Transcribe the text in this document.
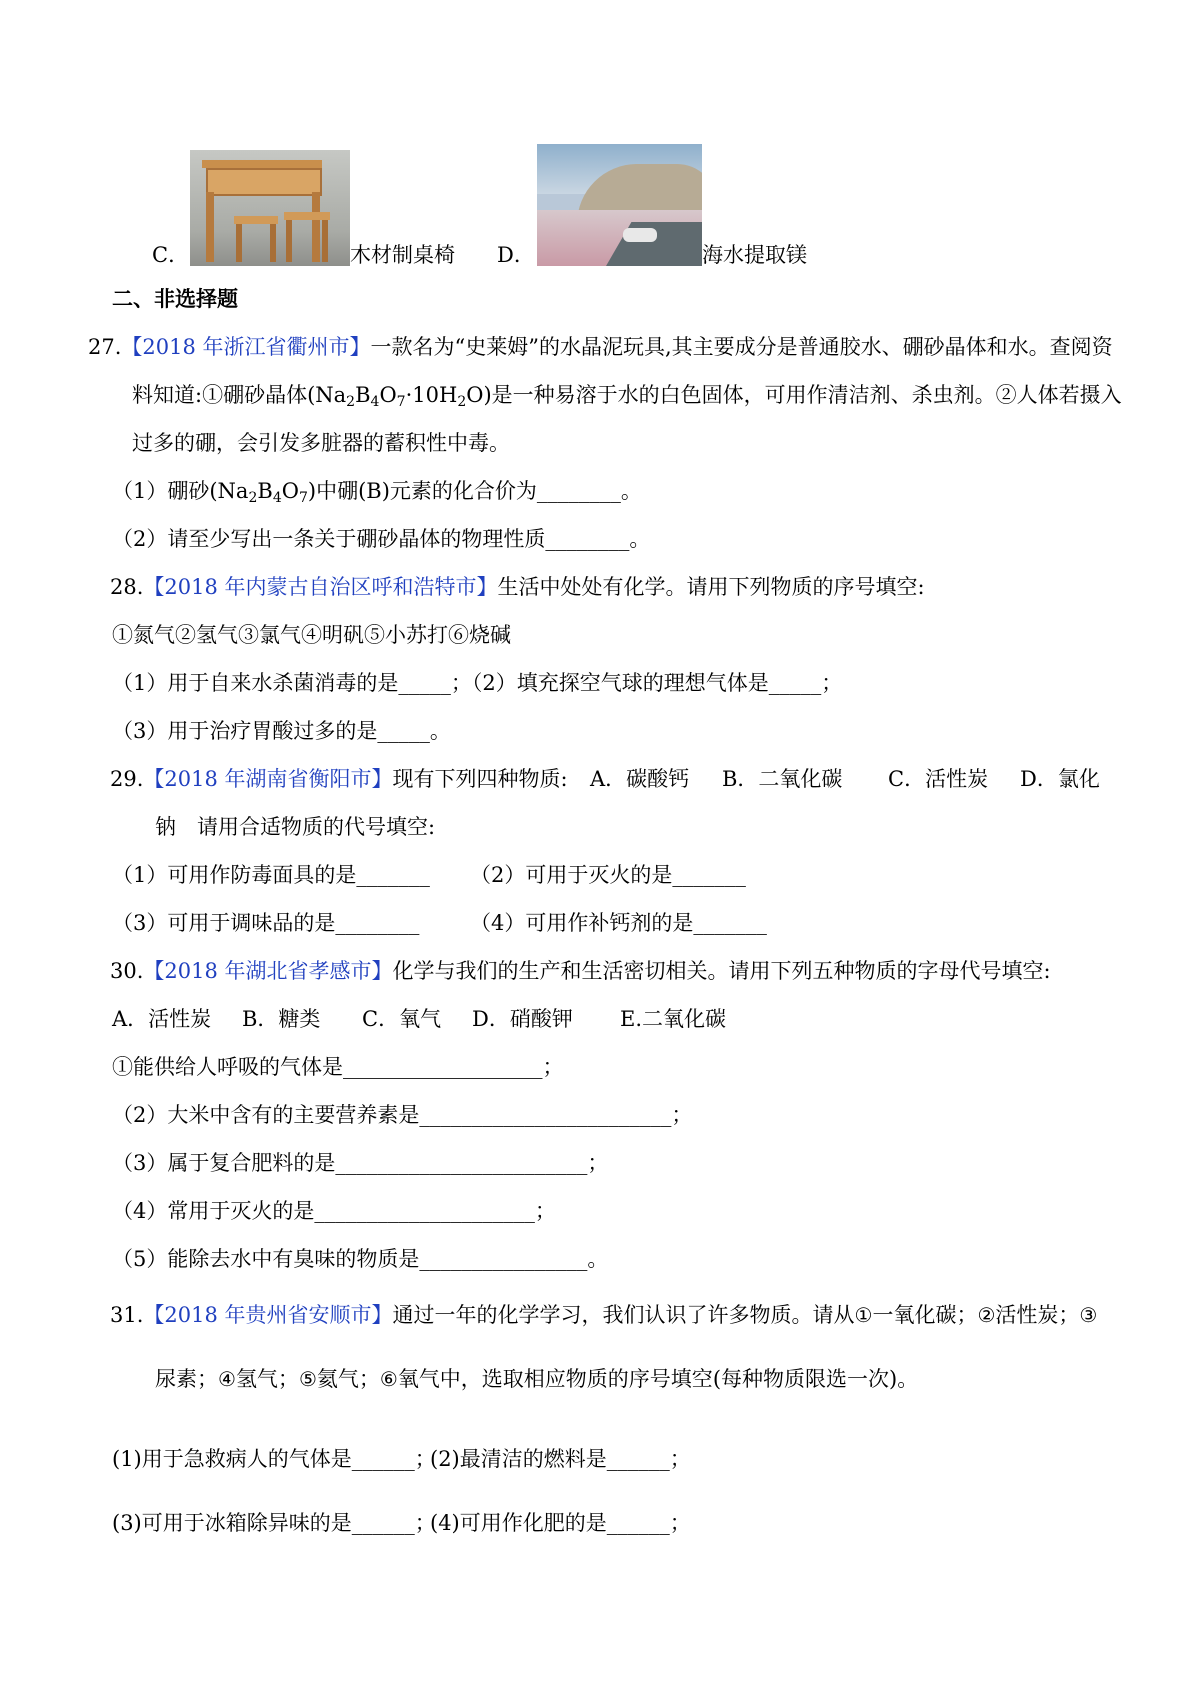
C．	木材制桌椅 D．	海水提取镁
二、非选择题
27.【2018 年浙江省衢州市】一款名为“史莱姆”的水晶泥玩具,其主要成分是普通胶水、硼砂晶体和水。查阅资
料知道:①硼砂晶体$(Na_2B_4O_7\cdot 10H_2O)$是一种易溶于水的白色固体，可用作清洁剂、杀虫剂。②人体若摄入
过多的硼，会引发多脏器的蓄积性中毒。
（1）硼砂$(Na_2B_4O_7)$中硼(B)元素的化合价为________。
（2）请至少写出一条关于硼砂晶体的物理性质________。
28.【2018 年内蒙古自治区呼和浩特市】生活中处处有化学。请用下列物质的序号填空:
①氮气②氢气③氯气④明矾⑤小苏打⑥烧碱
（1）用于自来水杀菌消毒的是_____；（2）填充探空气球的理想气体是_____；
（3）用于治疗胃酸过多的是_____。
29.【2018 年湖南省衡阳市】现有下列四种物质: A．碳酸钙 B．二氧化碳 C．活性炭 D．氯化
钠　请用合适物质的代号填空:
（1）可用作防毒面具的是_______ （2）可用于灭火的是_______
（3）可用于调味品的是________ （4）可用作补钙剂的是_______
30.【2018 年湖北省孝感市】化学与我们的生产和生活密切相关。请用下列五种物质的字母代号填空:
A．活性炭 B．糖类 C．氧气 D．硝酸钾 E.二氧化碳
①能供给人呼吸的气体是___________________；
（2）大米中含有的主要营养素是________________________；
（3）属于复合肥料的是________________________；
（4）常用于灭火的是_____________________；
（5）能除去水中有臭味的物质是________________。
31.【2018 年贵州省安顺市】通过一年的化学学习，我们认识了许多物质。请从①一氧化碳；②活性炭；③
尿素；④氢气；⑤氦气；⑥氧气中，选取相应物质的序号填空(每种物质限选一次)。
(1)用于急救病人的气体是______；
(2)最清洁的燃料是______；
(3)可用于冰箱除异味的是______；
(4)可用作化肥的是______；
